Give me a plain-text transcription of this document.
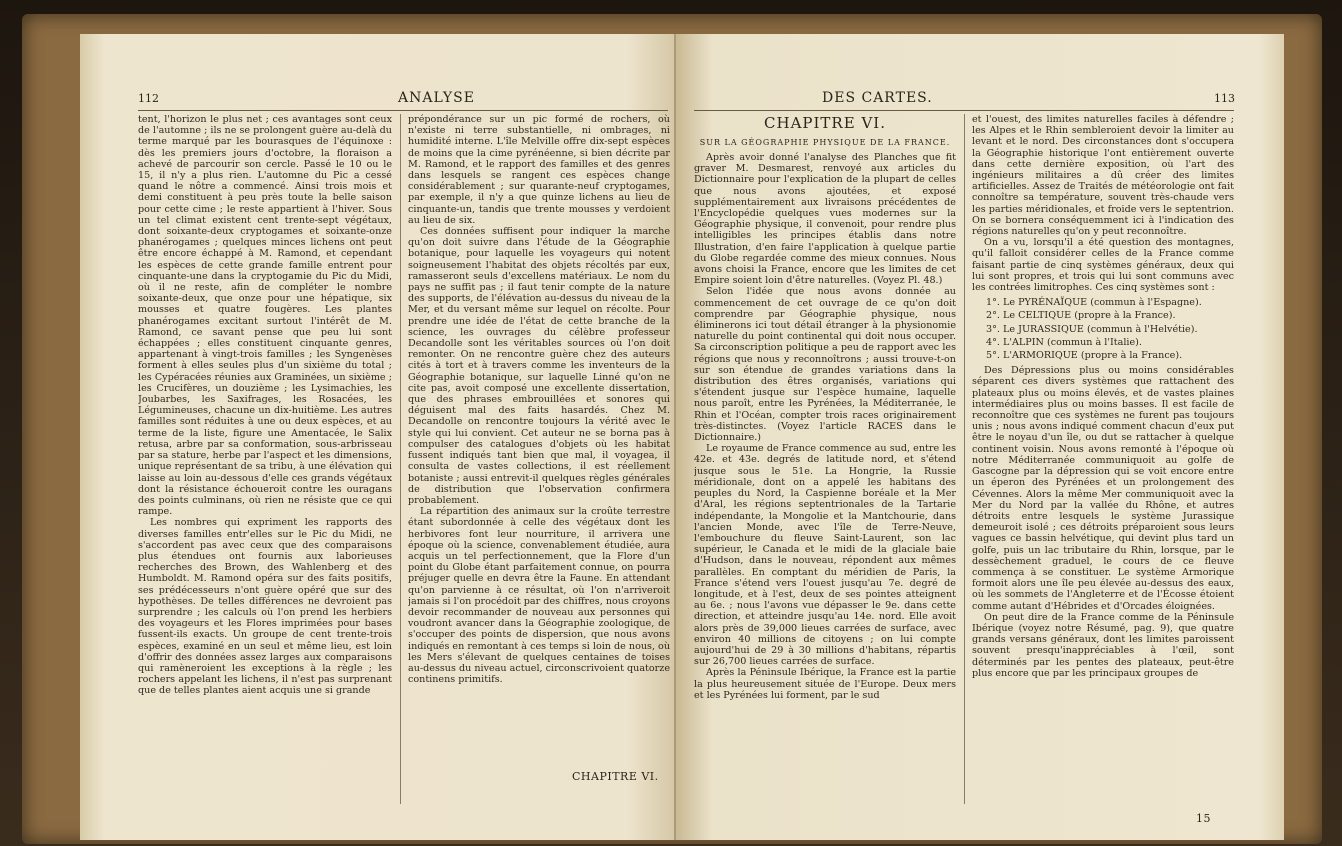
112	ANALYSE

tent, l'horizon le plus net ; ces avantages sont ceux de l'automne ; ils ne se prolongent guère au-delà du terme marqué par les bourasques de l'équinoxe : dès les premiers jours d'octobre, la floraison a achevé de parcourir son cercle. Passé le 10 ou le 15, il n'y a plus rien. L'automne du Pic a cessé quand le nôtre a commencé. Ainsi trois mois et demi constituent à peu près toute la belle saison pour cette cime ; le reste appartient à l'hiver. Sous un tel climat existent cent trente-sept végétaux, dont soixante-deux cryptogames et soixante-onze phanérogames ; quelques minces lichens ont peut être encore échappé à M. Ramond, et cependant les espèces de cette grande famille entrent pour cinquante-une dans la cryptogamie du Pic du Midi, où il ne reste, afin de compléter le nombre soixante-deux, que onze pour une hépatique, six mousses et quatre fougères. Les plantes phanérogames excitant surtout l'intérêt de M. Ramond, ce savant pense que peu lui sont échappées ; elles constituent cinquante genres, appartenant à vingt-trois familles ; les Syngenèses forment à elles seules plus d'un sixième du total ; les Cypéracées réunies aux Graminées, un sixième ; les Crucifères, un douzième ; les Lysimachies, les Joubarbes, les Saxifrages, les Rosacées, les Légumineuses, chacune un dix-huitième. Les autres familles sont réduites à une ou deux espèces, et au terme de la liste, figure une Amentacée, le Salix retusa, arbre par sa conformation, sous-arbrisseau par sa stature, herbe par l'aspect et les dimensions, unique représentant de sa tribu, à une élévation qui laisse au loin au-dessous d'elle ces grands végétaux dont la résistance échoueroit contre les ouragans des points culminans, où rien ne résiste que ce qui rampe.

Les nombres qui expriment les rapports des diverses familles entr'elles sur le Pic du Midi, ne s'accordent pas avec ceux que des comparaisons plus étendues ont fournis aux laborieuses recherches des Brown, des Wahlenberg et des Humboldt. M. Ramond opéra sur des faits positifs, ses prédécesseurs n'ont guère opéré que sur des hypothèses. De telles différences ne devroient pas surprendre ; les calculs où l'on prend les herbiers des voyageurs et les Flores imprimées pour bases fussent-ils exacts. Un groupe de cent trente-trois espèces, examiné en un seul et même lieu, est loin d'offrir des données assez larges aux comparaisons qui ramèneroient les exceptions à la règle ; les rochers appelant les lichens, il n'est pas surprenant que de telles plantes aient acquis une si grande

prépondérance sur un pic formé de rochers, où n'existe ni terre substantielle, ni ombrages, ni humidité interne. L'île Melville offre dix-sept espèces de moins que la cime pyrénéenne, si bien décrite par M. Ramond, et le rapport des familles et des genres dans lesquels se rangent ces espèces change considérablement ; sur quarante-neuf cryptogames, par exemple, il n'y a que quinze lichens au lieu de cinquante-un, tandis que trente mousses y verdoient au lieu de six.

Ces données suffisent pour indiquer la marche qu'on doit suivre dans l'étude de la Géographie botanique, pour laquelle les voyageurs qui notent soigneusement l'habitat des objets récoltés par eux, ramasseront seuls d'excellens matériaux. Le nom du pays ne suffit pas ; il faut tenir compte de la nature des supports, de l'élévation au-dessus du niveau de la Mer, et du versant même sur lequel on récolte. Pour prendre une idée de l'état de cette branche de la science, les ouvrages du célèbre professeur Decandolle sont les véritables sources où l'on doit remonter. On ne rencontre guère chez des auteurs cités à tort et à travers comme les inventeurs de la Géographie botanique, sur laquelle Linné qu'on ne cite pas, avoit composé une excellente dissertation, que des phrases embrouillées et sonores qui déguisent mal des faits hasardés. Chez M. Decandolle on rencontre toujours la vérité avec le style qui lui convient. Cet auteur ne se borna pas à compulser des catalogues d'objets où les habitat fussent indiqués tant bien que mal, il voyagea, il consulta de vastes collections, il est réellement botaniste ; aussi entrevit-il quelques règles générales de distribution que l'observation confirmera probablement.

La répartition des animaux sur la croûte terrestre étant subordonnée à celle des végétaux dont les herbivores font leur nourriture, il arrivera une époque où la science, convenablement étudiée, aura acquis un tel perfectionnement, que la Flore d'un point du Globe étant parfaitement connue, on pourra préjuger quelle en devra être la Faune. En attendant qu'on parvienne à ce résultat, où l'on n'arriveroit jamais si l'on procédoit par des chiffres, nous croyons devoir recommander de nouveau aux personnes qui voudront avancer dans la Géographie zoologique, de s'occuper des points de dispersion, que nous avons indiqués en remontant à ces temps si loin de nous, où les Mers s'élevant de quelques centaines de toises au-dessus du niveau actuel, circonscrivoient quatorze continens primitifs.

CHAPITRE VI.
DES CARTES.	113
CHAPITRE VI.
SUR LA GÉOGRAPHIE PHYSIQUE DE LA FRANCE.

Après avoir donné l'analyse des Planches que fit graver M. Desmarest, renvoyé aux articles du Dictionnaire pour l'explication de la plupart de celles que nous avons ajoutées, et exposé supplémentairement aux livraisons précédentes de l'Encyclopédie quelques vues modernes sur la Géographie physique, il convenoit, pour rendre plus intelligibles les principes établis dans notre Illustration, d'en faire l'application à quelque partie du Globe regardée comme des mieux connues. Nous avons choisi la France, encore que les limites de cet Empire soient loin d'être naturelles. (Voyez Pl. 48.)

Selon l'idée que nous avons donnée au commencement de cet ouvrage de ce qu'on doit comprendre par Géographie physique, nous éliminerons ici tout détail étranger à la physionomie naturelle du point continental qui doit nous occuper. Sa circonscription politique a peu de rapport avec les régions que nous y reconnoîtrons ; aussi trouve-t-on sur son étendue de grandes variations dans la distribution des êtres organisés, variations qui s'étendent jusque sur l'espèce humaine, laquelle nous paroît, entre les Pyrénées, la Méditerranée, le Rhin et l'Océan, compter trois races originairement très-distinctes. (Voyez l'article RACES dans le Dictionnaire.)

Le royaume de France commence au sud, entre les 42e. et 43e. degrés de latitude nord, et s'étend jusque sous le 51e. La Hongrie, la Russie méridionale, dont on a appelé les habitans des peuples du Nord, la Caspienne boréale et la Mer d'Aral, les régions septentrionales de la Tartarie indépendante, la Mongolie et la Mantchourie, dans l'ancien Monde, avec l'île de Terre-Neuve, l'embouchure du fleuve Saint-Laurent, son lac supérieur, le Canada et le midi de la glaciale baie d'Hudson, dans le nouveau, répondent aux mêmes parallèles. En comptant du méridien de Paris, la France s'étend vers l'ouest jusqu'au 7e. degré de longitude, et à l'est, deux de ses pointes atteignent au 6e. ; nous l'avons vue dépasser le 9e. dans cette direction, et atteindre jusqu'au 14e. nord. Elle avoit alors près de 39,000 lieues carrées de surface, avec environ 40 millions de citoyens ; on lui compte aujourd'hui de 29 à 30 millions d'habitans, répartis sur 26,700 lieues carrées de surface.

Après la Péninsule Ibérique, la France est la partie la plus heureusement située de l'Europe. Deux mers et les Pyrénées lui forment, par le sud

et l'ouest, des limites naturelles faciles à défendre ; les Alpes et le Rhin sembleroient devoir la limiter au levant et le nord. Des circonstances dont s'occupera la Géographie historique l'ont entièrement ouverte dans cette dernière exposition, où l'art des ingénieurs militaires a dû créer des limites artificielles. Assez de Traités de météorologie ont fait connoître sa température, souvent très-chaude vers les parties méridionales, et froide vers le septentrion. On se bornera conséquemment ici à l'indication des régions naturelles qu'on y peut reconnoître.

On a vu, lorsqu'il a été question des montagnes, qu'il falloit considérer celles de la France comme faisant partie de cinq systèmes généraux, deux qui lui sont propres, et trois qui lui sont communs avec les contrées limitrophes. Ces cinq systèmes sont :

1°. Le PYRÉNAÏQUE (commun à l'Espagne).

2°. Le CELTIQUE (propre à la France).

3°. Le JURASSIQUE (commun à l'Helvétie).

4°. L'ALPIN (commun à l'Italie).

5°. L'ARMORIQUE (propre à la France).

Des Dépressions plus ou moins considérables séparent ces divers systèmes que rattachent des plateaux plus ou moins élevés, et de vastes plaines intermédiaires plus ou moins basses. Il est facile de reconnoître que ces systèmes ne furent pas toujours unis ; nous avons indiqué comment chacun d'eux put être le noyau d'un île, ou dut se rattacher à quelque continent voisin. Nous avons remonté à l'époque où notre Méditerranée communiquoit au golfe de Gascogne par la dépression qui se voit encore entre un éperon des Pyrénées et un prolongement des Cévennes. Alors la même Mer communiquoit avec la Mer du Nord par la vallée du Rhône, et autres détroits entre lesquels le système Jurassique demeuroit isolé ; ces détroits préparoient sous leurs vagues ce bassin helvétique, qui devint plus tard un golfe, puis un lac tributaire du Rhin, lorsque, par le dessèchement graduel, le cours de ce fleuve commença à se constituer. Le système Armorique formoit alors une île peu élevée au-dessus des eaux, où les sommets de l'Angleterre et de l'Écosse étoient comme autant d'Hébrides et d'Orcades éloignées.

On peut dire de la France comme de la Péninsule Ibérique (voyez notre Résumé, pag. 9), que quatre grands versans généraux, dont les limites paroissent souvent presqu'inappréciables à l'œil, sont déterminés par les pentes des plateaux, peut-être plus encore que par les principaux groupes de

15
